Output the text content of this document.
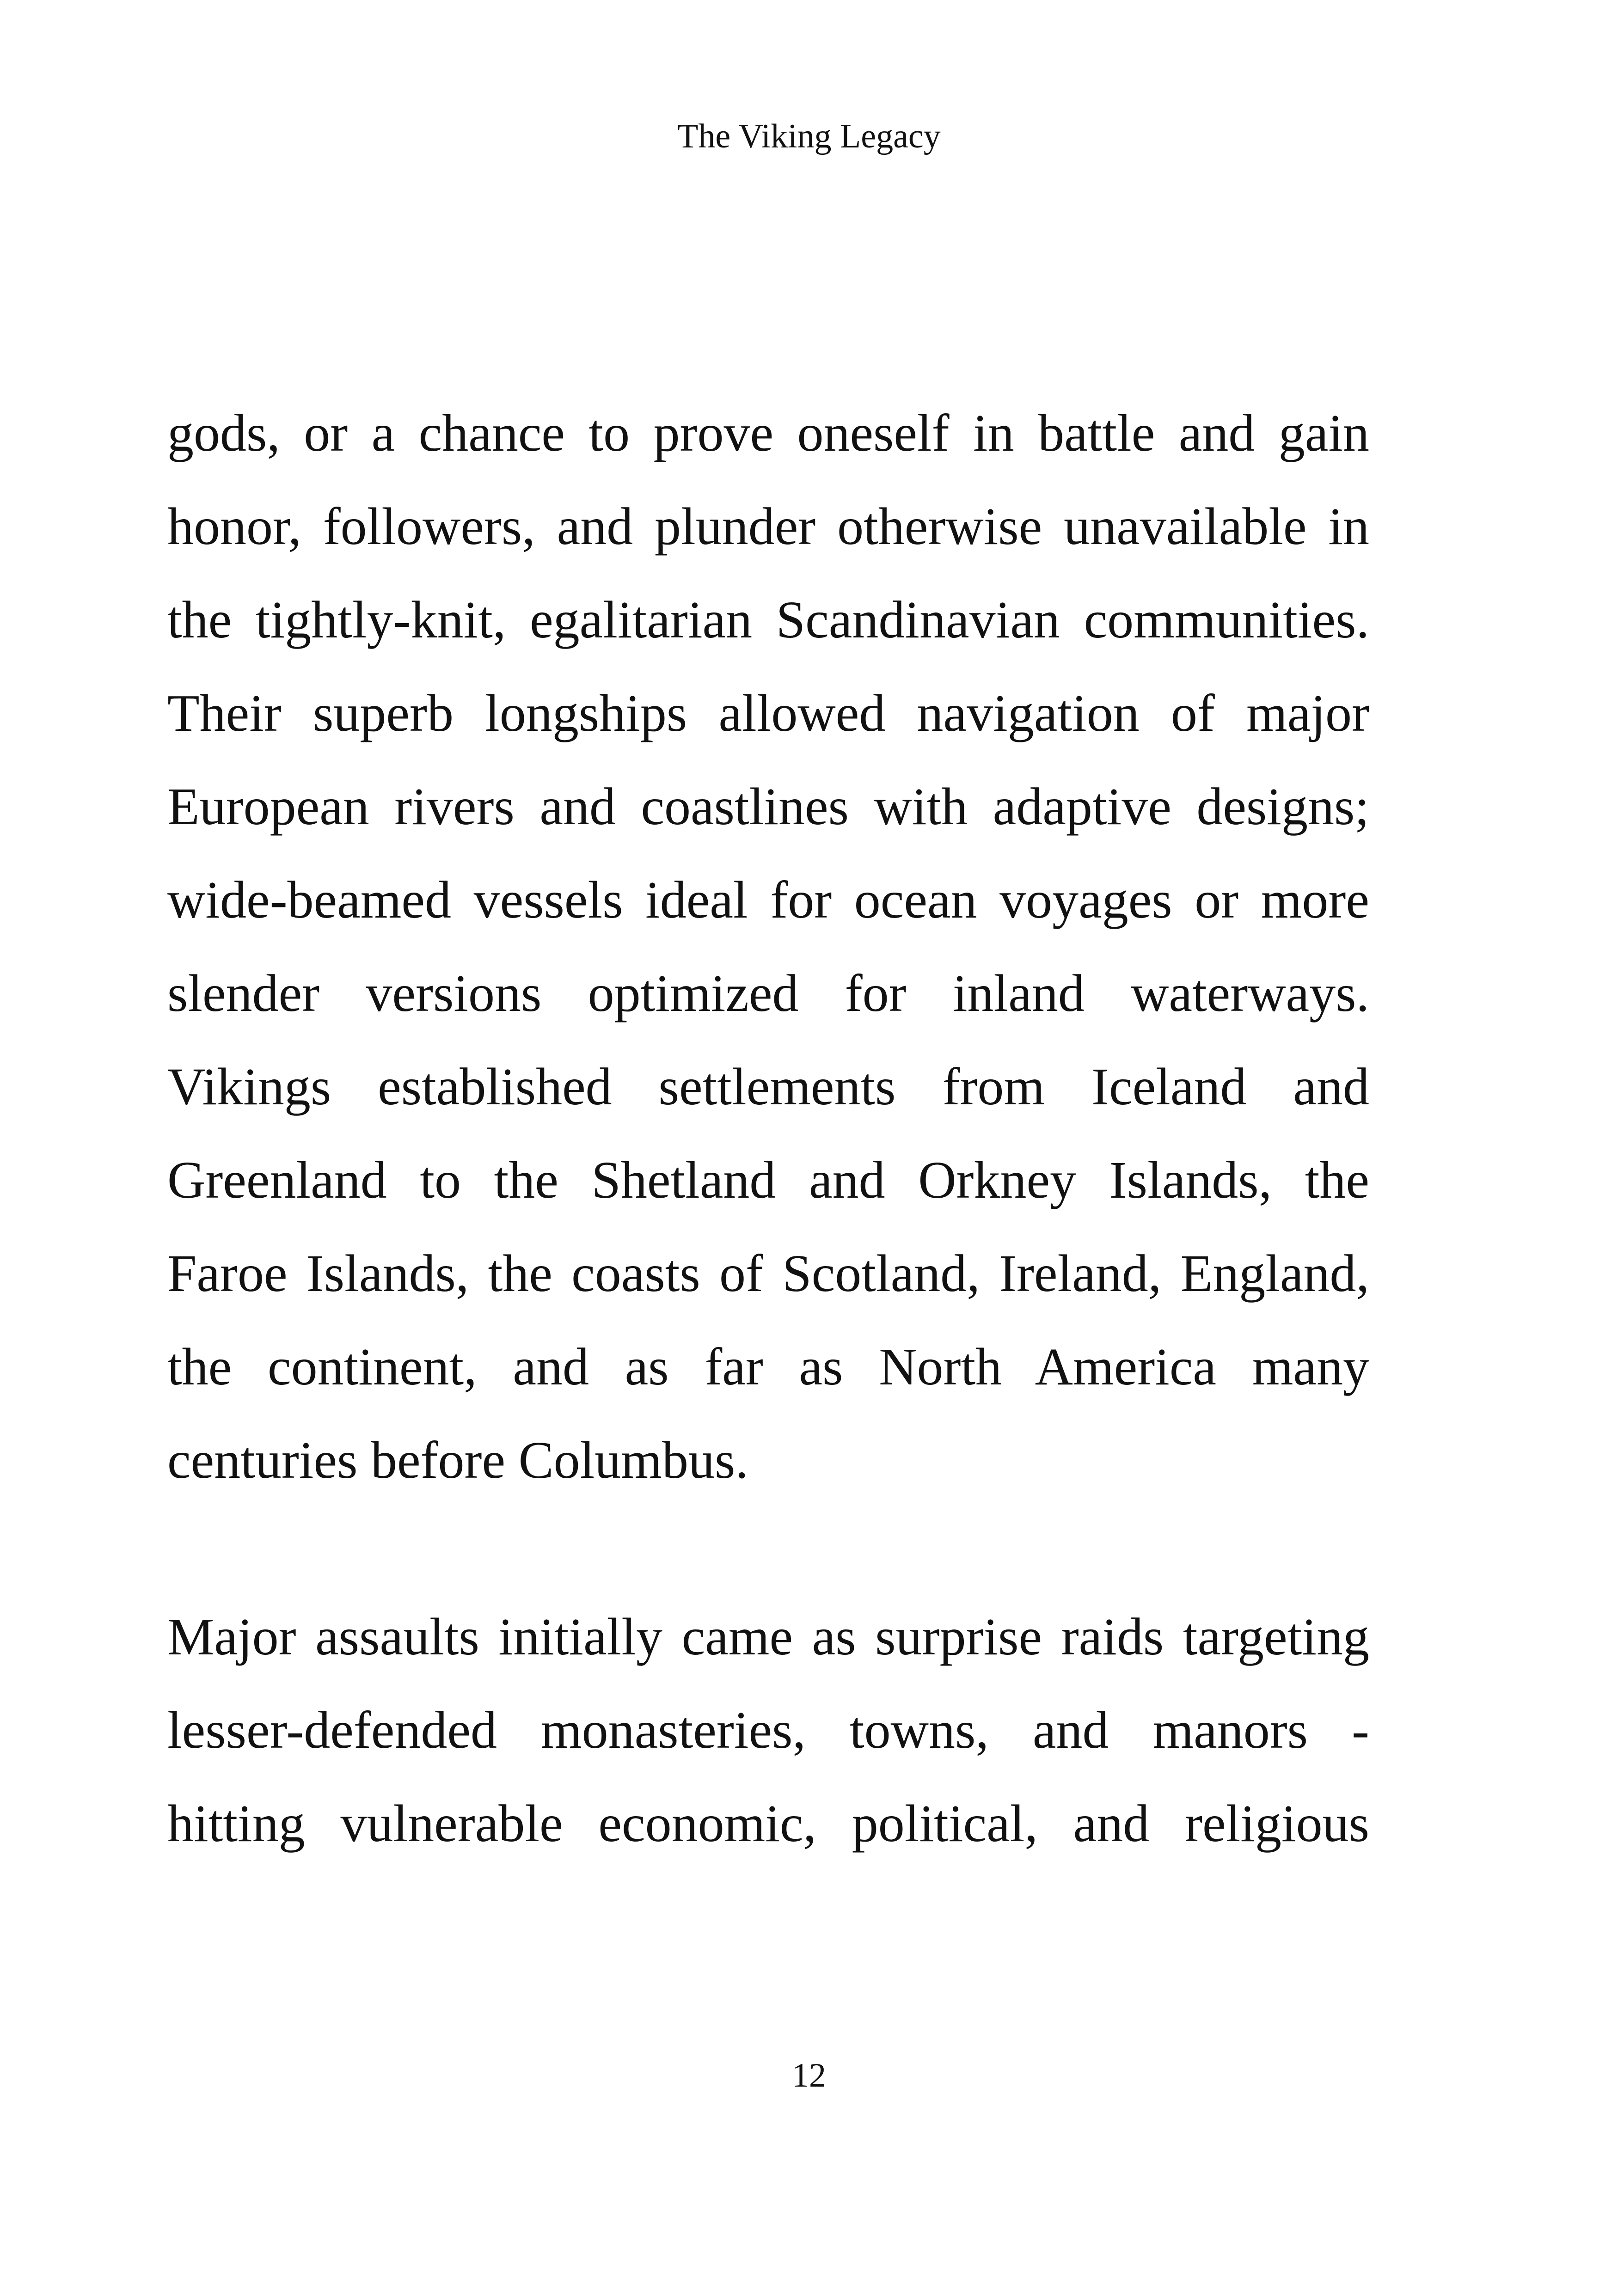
The Viking Legacy
gods, or a chance to prove oneself in battle and gain
honor, followers, and plunder otherwise unavailable in
the tightly-knit, egalitarian Scandinavian communities.
Their superb longships allowed navigation of major
European rivers and coastlines with adaptive designs;
wide-beamed vessels ideal for ocean voyages or more
slender versions optimized for inland waterways.
Vikings established settlements from Iceland and
Greenland to the Shetland and Orkney Islands, the
Faroe Islands, the coasts of Scotland, Ireland, England,
the continent, and as far as North America many
centuries before Columbus.
Major assaults initially came as surprise raids targeting
lesser-defended monasteries, towns, and manors -
hitting vulnerable economic, political, and religious
12
